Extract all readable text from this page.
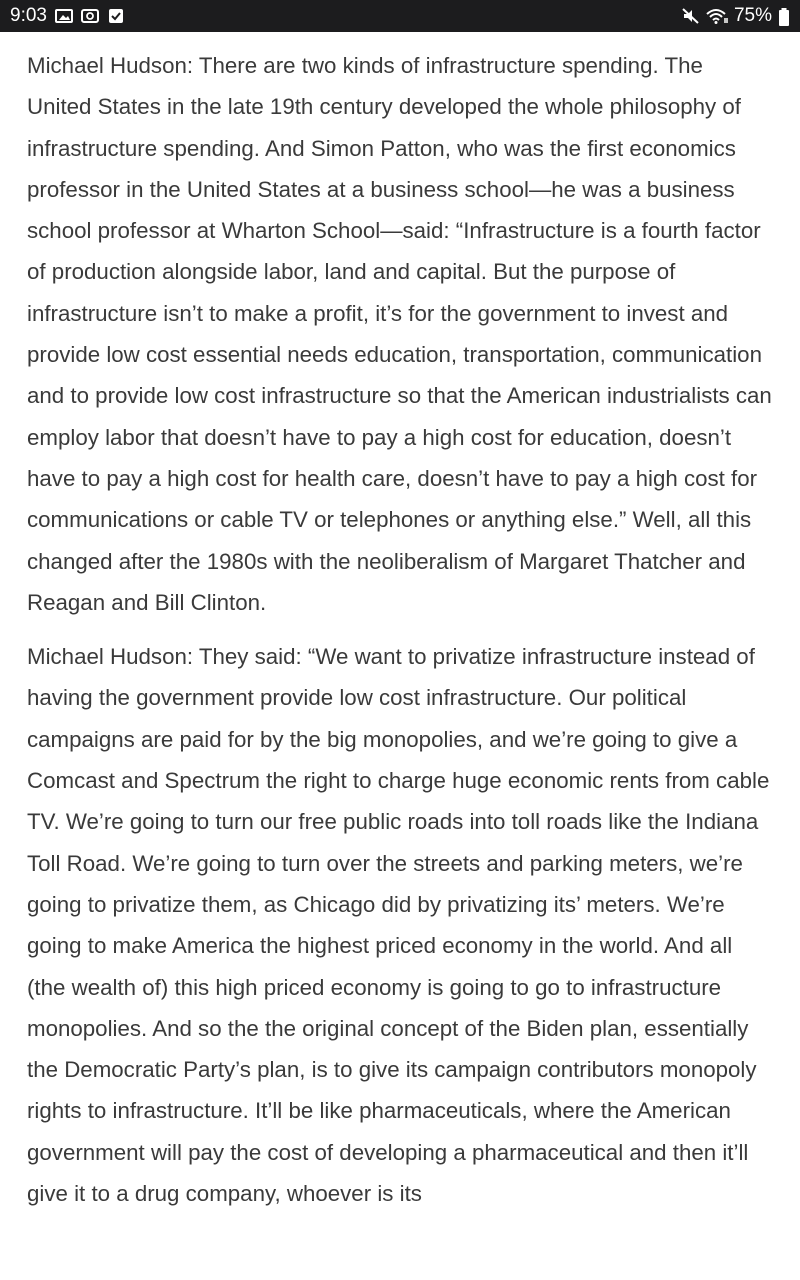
9:03	75%

Michael Hudson: There are two kinds of infrastructure spending. The United States in the late 19th century developed the whole philosophy of infrastructure spending. And Simon Patton, who was the first economics professor in the United States at a business school—he was a business school professor at Wharton School—said: “Infrastructure is a fourth factor of production alongside labor, land and capital. But the purpose of infrastructure isn’t to make a profit, it’s for the government to invest and provide low cost essential needs education, transportation, communication and to provide low cost infrastructure so that the American industrialists can employ labor that doesn’t have to pay a high cost for education, doesn’t have to pay a high cost for health care, doesn’t have to pay a high cost for communications or cable TV or telephones or anything else.” Well, all this changed after the 1980s with the neoliberalism of Margaret Thatcher and Reagan and Bill Clinton.

Michael Hudson: They said: “We want to privatize infrastructure instead of having the government provide low cost infrastructure. Our political campaigns are paid for by the big monopolies, and we’re going to give a Comcast and Spectrum the right to charge huge economic rents from cable TV. We’re going to turn our free public roads into toll roads like the Indiana Toll Road. We’re going to turn over the streets and parking meters, we’re going to privatize them, as Chicago did by privatizing its’ meters. We’re going to make America the highest priced economy in the world. And all (the wealth of) this high priced economy is going to go to infrastructure monopolies. And so the the original concept of the Biden plan, essentially the Democratic Party’s plan, is to give its campaign contributors monopoly rights to infrastructure. It’ll be like pharmaceuticals, where the American government will pay the cost of developing a pharmaceutical and then it’ll give it to a drug company, whoever is its
